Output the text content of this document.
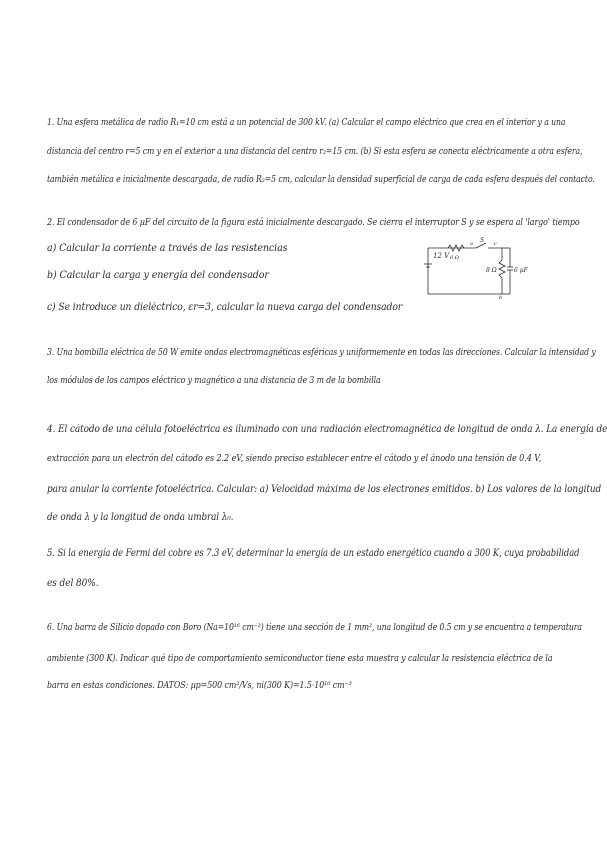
1. Una esfera metálica de radio R₁=10 cm está a un potencial de 300 kV. (a) Calcular el campo eléctrico que crea en el interior y a una
distancia del centro r=5 cm y en el exterior a una distancia del centro r₂=15 cm. (b) Si esta esfera se conecta eléctricamente a otra esfera,
también metálica e inicialmente descargada, de radio R₂=5 cm, calcular la densidad superficial de carga de cada esfera después del contacto.
2. El condensador de 6 µF del circuito de la figura está inicialmente descargado. Se cierra el interruptor S y se espera al 'largo' tiempo
a) Calcular la corriente a través de las resistencias
b) Calcular la carga y energía del condensador
c) Se introduce un dieléctrico, εr=3, calcular la nueva carga del condensador
12 V 6 Ω
8 Ω
S
6 µF
a
b
c
3. Una bombilla eléctrica de 50 W emite ondas electromagnéticas esféricas y uniformemente en todas las direcciones. Calcular la intensidad y
los módulos de los campos eléctrico y magnético a una distancia de 3 m de la bombilla
4. El cátodo de una célula fotoeléctrica es iluminado con una radiación electromagnética de longitud de onda λ. La energía de
extracción para un electrón del cátodo es 2.2 eV, siendo preciso establecer entre el cátodo y el ánodo una tensión de 0.4 V,
para anular la corriente fotoeléctrica. Calcular: a) Velocidad máxima de los electrones emitidos. b) Los valores de la longitud
de onda λ y la longitud de onda umbral λ₀.
5. Si la energía de Fermi del cobre es 7.3 eV, determinar la energía de un estado energético cuando a 300 K, cuya probabilidad
es del 80%.
6. Una barra de Silicio dopado con Boro (Na=10¹⁶ cm⁻³) tiene una sección de 1 mm², una longitud de 0.5 cm y se encuentra a temperatura
ambiente (300 K). Indicar qué tipo de comportamiento semiconductor tiene esta muestra y calcular la resistencia eléctrica de la
barra en estas condiciones. DATOS: µp=500 cm²/Vs, ni(300 K)=1.5·10¹⁰ cm⁻³
